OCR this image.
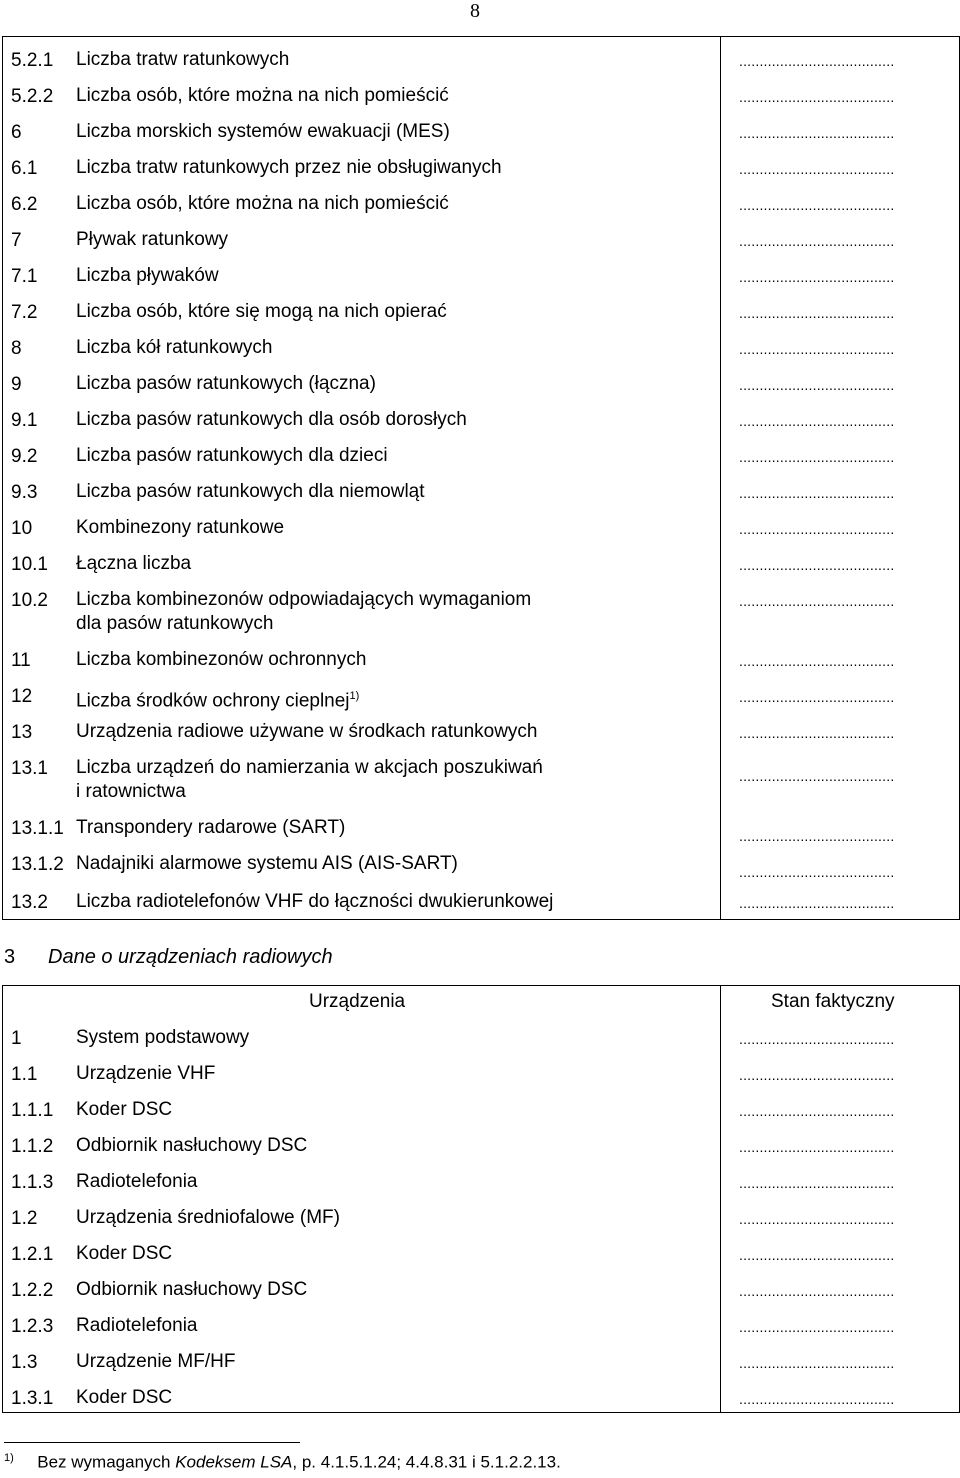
8
5.2.1 Liczba tratw ratunkowych	......................................
5.2.2 Liczba osób, które można na nich pomieścić	......................................
6	Liczba morskich systemów ewakuacji (MES)	......................................
6.1 Liczba tratw ratunkowych przez nie obsługiwanych	......................................
6.2 Liczba osób, które można na nich pomieścić	......................................
7	Pływak ratunkowy	......................................
7.1 Liczba pływaków	......................................
7.2 Liczba osób, które się mogą na nich opierać	......................................
8	Liczba kół ratunkowych	......................................
9	Liczba pasów ratunkowych (łączna)	......................................
9.1 Liczba pasów ratunkowych dla osób dorosłych	......................................
9.2 Liczba pasów ratunkowych dla dzieci	......................................
9.3 Liczba pasów ratunkowych dla niemowląt	......................................
10 Kombinezony ratunkowe	......................................
10.1 Łączna liczba	......................................
10.2 Liczba kombinezonów odpowiadających wymaganiom
dla pasów ratunkowych
......................................
11 Liczba kombinezonów ochronnych	......................................
12 Liczba środków ochrony cieplnej$^{1)}$	......................................
13 Urządzenia radiowe używane w środkach ratunkowych	......................................
13.1 Liczba urządzeń do namierzania w akcjach poszukiwań
i ratownictwa
......................................
13.1.1 Transpondery radarowe (SART)	......................................
13.1.2 Nadajniki alarmowe systemu AIS (AIS-SART)	......................................
13.2 Liczba radiotelefonów VHF do łączności dwukierunkowej	......................................
3 Dane o urządzeniach radiowych
Urządzenia	Stan faktyczny
1	System podstawowy	......................................
1.1 Urządzenie VHF	......................................
1.1.1 Koder DSC	......................................
1.1.2 Odbiornik nasłuchowy DSC	......................................
1.1.3 Radiotelefonia	......................................
1.2 Urządzenia średniofalowe (MF)	......................................
1.2.1 Koder DSC	......................................
1.2.2 Odbiornik nasłuchowy DSC	......................................
1.2.3 Radiotelefonia	......................................
1.3 Urządzenie MF/HF	......................................
1.3.1 Koder DSC	......................................
$^{1)}$ Bez wymaganych Kodeksem LSA, p. 4.1.5.1.24; 4.4.8.31 i 5.1.2.2.13.
